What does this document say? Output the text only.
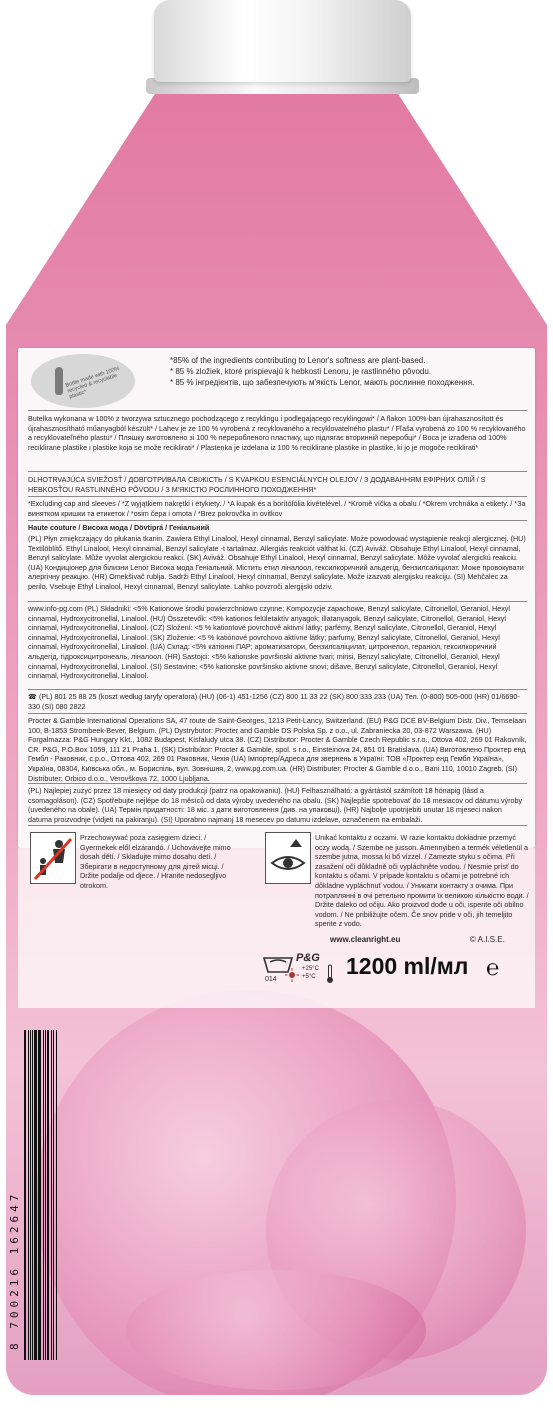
Bottle made with 100% recycled & recyclable plastic*

*85% of the ingredients contributing to Lenor's softness are plant-based.

* 85 % zložiek, ktoré prispievajú k hebkosti Lenoru, je rastlinného pôvodu.

* 85 % інгредієнтів, що забезпечують м'якість Lenor, мають рослинне походження.

Butelka wykonana w 100% z tworzywa sztucznego pochodzącego z recyklingu i podlegającego recyklingowi* / A flakon 100%-ban újrahasznosított és újrahasznosítható műanyagból készült* / Lahev je ze 100 % vyrobená z recyklovaného a recyklovatelného plastu* / Fľaša vyrobená zo 100 % recyklovaného a recyklovateľného plastu* / Пляшку виготовлено зі 100 % переробленого пластику, що підлягає вторинній переробці* / Boca je izrađena od 100% reciklirane plastike i plastike koja se može reciklirati* / Plastenka je izdelana iz 100 % recikliranе plastike in plastike, ki jo je mogoče reciklirati*

DLHOTRVAJÚCA SVIEŽOSŤ / ДОВГОТРИВАЛА СВІЖІСТЬ / S KVAPKOU ESENCIÁLNYCH OLEJOV / З ДОДАВАННЯМ ЕФІРНИХ ОЛІЙ / S HEBKOSŤOU RASTLINNÉHO PÔVODU / З М'ЯКІСТЮ РОСЛИННОГО ПОХОДЖЕННЯ*

*Excluding cap and sleeves / *Z wyjątkiem nakrętki i etykiety. / *A kupak és a borítófólia kivételével. / *Kromě víčka a obalu / *Okrem vrchnáka a etikety. / *За винятком кришки та етикеток / *osim čepa i omota / *Brez pokrovčka in ovitkov

Haute couture / Висока мода / Dövtiprá / Геніальний

(PL) Płyn zmiękczający do płukania tkanin. Zawiera Ethyl Linalool, Hexyl cinnamal, Benzyl salicylate. Może powodować wystąpienie reakcji alergicznej. (HU) Textilöblítő. Ethyl Linalool, Hexyl cinnamal, Benzyl salicylate -t tartalmaz. Allergiás reakciót válthat ki. (CZ) Aviváž. Obsahuje Ethyl Linalool, Hexyl cinnamal, Benzyl salicylate. Může vyvolat alergickou reakci. (SK) Aviváž. Obsahuje Ethyl Linalool, Hexyl cinnamal, Benzyl salicylate. Môže vyvolať alergickú reakciu. (UA) Кондиціонер для білизни Lenor Висока мода Геніальний. Містить етил ліналоол, гексилкоричний альдегід, бензилсаліцилат. Може провокувати алергічну реакцію. (HR) Omekšivač rublja. Sadrži Ethyl Linalool, Hexyl cinnamal, Benzyl salicylate. Može izazvati alergijsku reakciju. (SI) Mehčalec za perilo. Vsebuje Ethyl Linalool, Hexyl cinnamal, Benzyl salicylate. Lahko povzroči alergijski odziv.

www.info-pg.com (PL) Składniki: <5% Kationowe środki powierzchniowo czynne; Kompozycje zapachowe, Benzyl salicylate, Citronellol, Geraniol, Hexyl cinnamal, Hydroxycitronellal, Linalool. (HU) Összetevők: <5% kationos felületaktív anyagok; illatanyagok, Benzyl salicylate, Citronellol, Geraniol, Hexyl cinnamal, Hydroxycitronellal, Linalool. (CZ) Složení: <5 % kationtové povrchově aktivní látky; parfémy, Benzyl salicylate, Citronellol, Geraniol, Hexyl cinnamal, Hydroxycitronellal, Linalool. (SK) Zloženie: <5 % katiónové povrchovo aktívne látky; parfumy, Benzyl salicylate, Citronellol, Geraniol, Hexyl cinnamal, Hydroxycitronellal, Linalool. (UA) Склад: <5% катіонні ПАР; ароматизатори, бензилсаліцилат, цитронелол, гераніол, гексилкоричний альдегід, гідроксицитронеаль, ліналоол. (HR) Sastojci: <5% kationske površinski aktivne tvari; mirisi, Benzyl salicylate, Citronellol, Geraniol, Hexyl cinnamal, Hydroxycitronellal, Linalool. (SI) Sestavine: <5% kationske površinsko aktivne snovi; dišave, Benzyl salicylate, Citronellol, Geraniol, Hexyl cinnamal, Hydroxycitronellal, Linalool.

☎ (PL) 801 25 88 25 (koszt według taryfy operatora) (HU) (06-1) 451-1256 (CZ) 800 11 33 22 (SK) 800 333 233 (UA) Тел. (0-800) 505-000 (HR) 01/6690-330 (SI) 080 2822

Procter & Gamble International Operations SA, 47 route de Saint-Georges, 1213 Petit-Lancy, Switzerland. (EU) P&G DCE BV-Belgium Distr. Div., Temselaan 100, B-1853 Strombeek-Bever, Belgium. (PL) Dystrybutor: Procter and Gamble DS Polska Sp. z o.o., ul. Zabraniecka 20, 03-872 Warszawa. (HU) Forgalmazza: P&G Hungary Kkt., 1082 Budapest, Kisfaludy utca 38. (CZ) Distributor: Procter & Gamble Czech Republic s.r.o., Ottova 402, 269 01 Rakovník, CR. P&G, P.O.Box 1059, 111 21 Praha 1. (SK) Distribútor: Procter & Gamble, spol. s r.o., Einsteinova 24, 851 01 Bratislava. (UA) Виготовлено Проктер енд Гембл - Раковник, с.р.о., Оттова 402, 269 01 Раковник, Чехія (UA) Імпортер/Адреса для звернень в Україні: ТОВ «Проктер енд Гембл Україна», Україна, 08304, Київська обл., м. Бориспіль, вул. Зовнішня, 2, www.pg.com.ua. (HR) Distributer: Procter & Gamble d.o.o., Bani 110, 10010 Zagreb. (SI) Distributer: Orbico d.o.o., Verovškova 72, 1000 Ljubljana.

(PL) Najlepiej zużyć przez 18 miesięcy od daty produkcji (patrz na opakowaniu). (HU) Felhasználható: a gyártástól számított 18 hónapig (lásd a csomagoláson). (CZ) Spotřebujte nejlépe do 18 měsíců od data výroby uvedeného na obalu. (SK) Najlepšie spotrebovať do 18 mesiacov od dátumu výroby (uvedeného na obale). (UA) Термін придатності: 18 міс. з дати виготовлення (див. на упаковці). (HR) Najbolje upotrijebiti unutar 18 mjeseci nakon datuma proizvodnje (vidjeti na pakiranju). (SI) Uporabno najmanj 18 mesecev po datumu izdelave, označenem na embalaži.

Przechowywać poza zasięgiem dzieci. / Gyermekek elől elzárandó. / Uchovávejte mimo dosah dětí. / Skladujte mimo dosahu detí. / Зберігати в недоступному для дітей місці. / Držite podalje od djece. / Hranite nedosegljivo otrokom.

Unikać kontaktu z oczami. W razie kontaktu dokładnie przemyć oczy wodą. / Szembe ne jusson. Amennyiben a termék véletlenül a szembe jutna, mossa ki bő vízzel. / Zamezte styku s očima. Při zasažení očí důkladně oči vypláchněte vodou. / Nesmie prísť do kontaktu s očami. V prípade kontaktu s očami je potrebné ich dôkladne vypláchnuť vodou. / Уникати контакту з очима. При потраплянні в очі ретельно промити їх великою кількістю води. / Držite daleko od očiju. Ako proizvod dođe u oči, isperite oči obilno vodom. / Ne pribiližujte očem. Če snov pride v oči, jih temeljito sperite z vodo.

www.cleanright.eu	© A.I.S.E.
014
P&G
+25°C
+5°C 1200 ml/мл ℮
8 700216 162647
